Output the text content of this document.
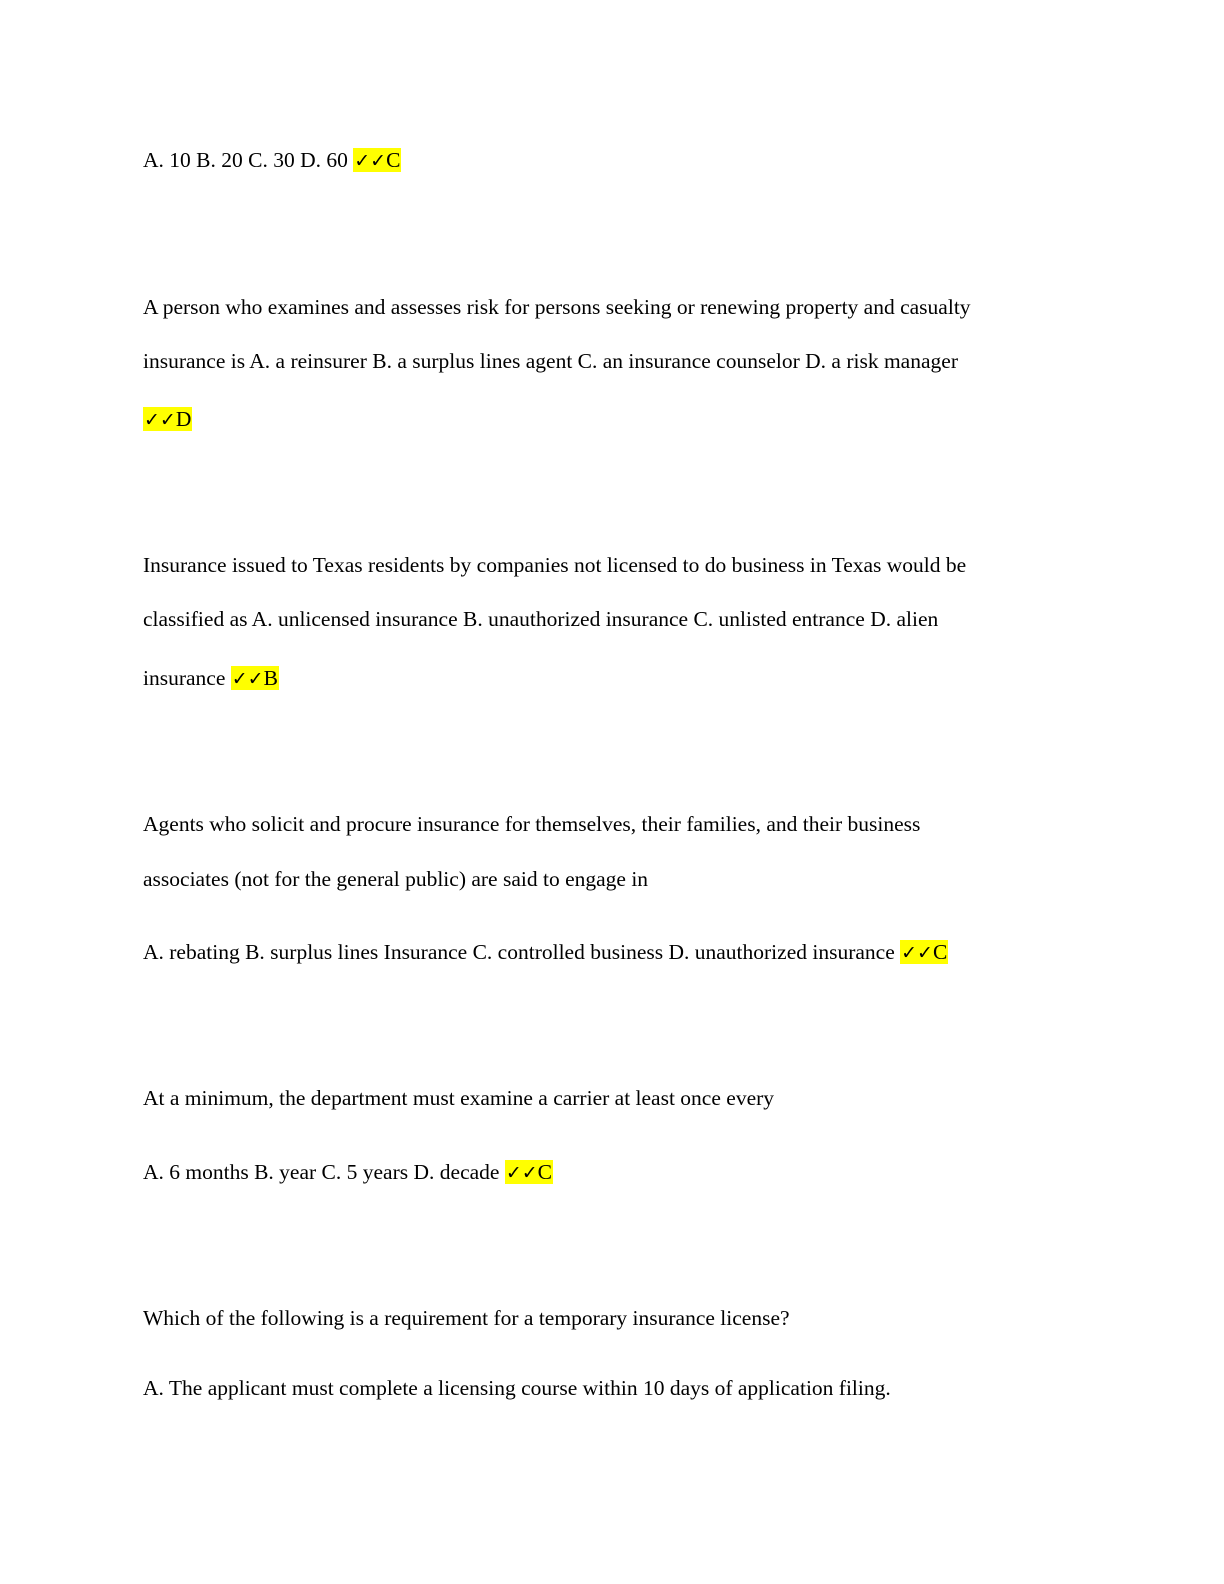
A. 10 B. 20 C. 30 D. 60 ✓✓C
A person who examines and assesses risk for persons seeking or renewing property and casualty
insurance is A. a reinsurer B. a surplus lines agent C. an insurance counselor D. a risk manager
✓✓D
Insurance issued to Texas residents by companies not licensed to do business in Texas would be
classified as A. unlicensed insurance B. unauthorized insurance C. unlisted entrance D. alien
insurance ✓✓B
Agents who solicit and procure insurance for themselves, their families, and their business
associates (not for the general public) are said to engage in
A. rebating B. surplus lines Insurance C. controlled business D. unauthorized insurance ✓✓C
At a minimum, the department must examine a carrier at least once every
A. 6 months B. year C. 5 years D. decade ✓✓C
Which of the following is a requirement for a temporary insurance license?
A. The applicant must complete a licensing course within 10 days of application filing.
